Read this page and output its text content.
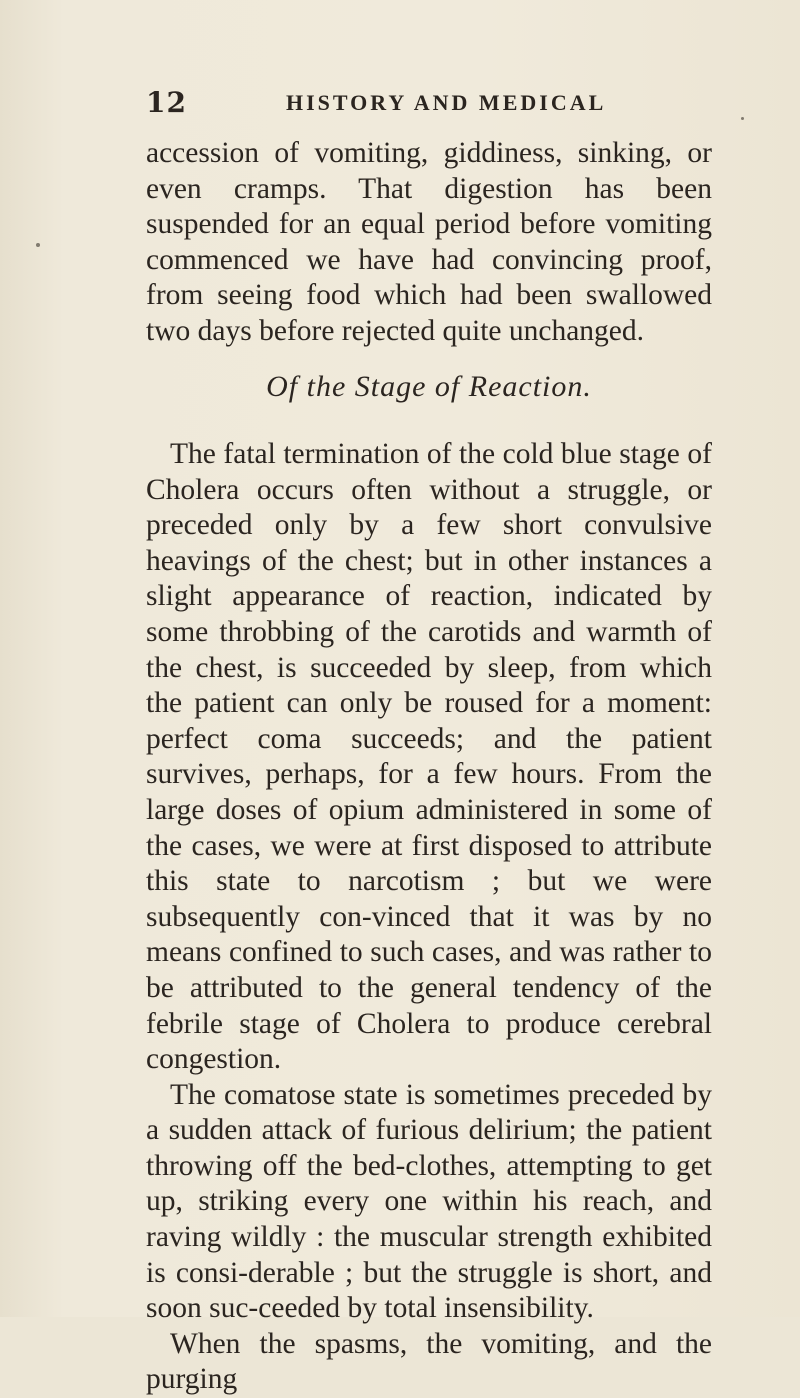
12	HISTORY AND MEDICAL

accession of vomiting, giddiness, sinking, or even cramps. That digestion has been suspended for an equal period before vomiting commenced we have had convincing proof, from seeing food which had been swallowed two days before rejected quite unchanged.

Of the Stage of Reaction.

The fatal termination of the cold blue stage of Cholera occurs often without a struggle, or preceded only by a few short convulsive heavings of the chest; but in other instances a slight appearance of reaction, indicated by some throbbing of the carotids and warmth of the chest, is succeeded by sleep, from which the patient can only be roused for a moment: perfect coma succeeds; and the patient survives, perhaps, for a few hours. From the large doses of opium administered in some of the cases, we were at first disposed to attribute this state to narcotism ; but we were subsequently con-vinced that it was by no means confined to such cases, and was rather to be attributed to the general tendency of the febrile stage of Cholera to produce cerebral congestion.

The comatose state is sometimes preceded by a sudden attack of furious delirium; the patient throwing off the bed-clothes, attempting to get up, striking every one within his reach, and raving wildly : the muscular strength exhibited is consi-derable ; but the struggle is short, and soon suc-ceeded by total insensibility.

When the spasms, the vomiting, and the purging
